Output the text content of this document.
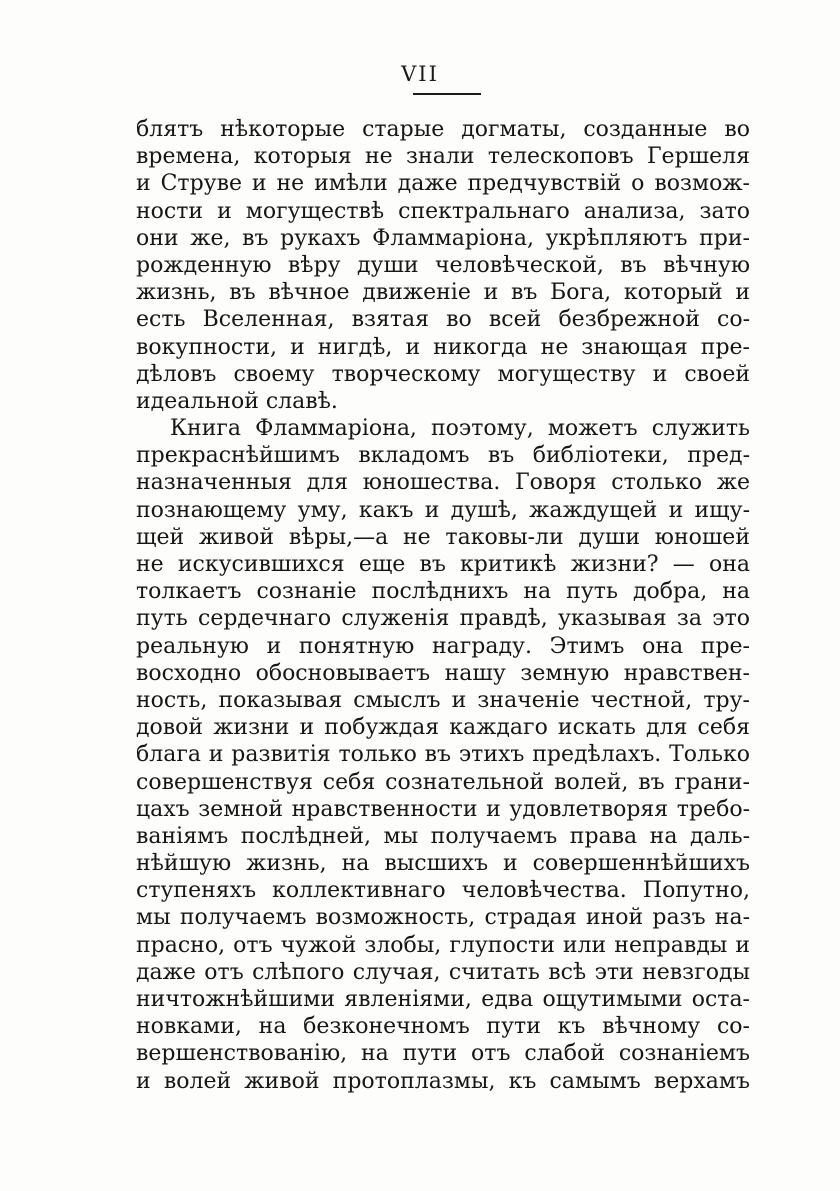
VII
блятъ нѣкоторые старые догматы, созданные во
времена, которыя не знали телескоповъ Гершеля
и Струве и не имѣли даже предчувствій о возмож-
ности и могуществѣ спектральнаго анализа, зато
они же, въ рукахъ Фламмаріона, укрѣпляютъ при-
рожденную вѣру души человѣческой, въ вѣчную
жизнь, въ вѣчное движеніе и въ Бога, который и
есть Вселенная, взятая во всей безбрежной со-
вокупности, и нигдѣ, и никогда не знающая пре-
дѣловъ своему творческому могуществу и своей
идеальной славѣ.
Книга Фламмаріона, поэтому, можетъ служить
прекраснѣйшимъ вкладомъ въ библіотеки, пред-
назначенныя для юношества. Говоря столько же
познающему уму, какъ и душѣ, жаждущей и ищу-
щей живой вѣры,—а не таковы-ли души юношей
не искусившихся еще въ критикѣ жизни? — она
толкаетъ сознаніе послѣднихъ на путь добра, на
путь сердечнаго служенія правдѣ, указывая за это
реальную и понятную награду. Этимъ она пре-
восходно обосновываетъ нашу земную нравствен-
ность, показывая смыслъ и значеніе честной, тру-
довой жизни и побуждая каждаго искать для себя
блага и развитія только въ этихъ предѣлахъ. Только
совершенствуя себя сознательной волей, въ грани-
цахъ земной нравственности и удовлетворяя требо-
ваніямъ послѣдней, мы получаемъ права на даль-
нѣйшую жизнь, на высшихъ и совершеннѣйшихъ
ступеняхъ коллективнаго человѣчества. Попутно,
мы получаемъ возможность, страдая иной разъ на-
прасно, отъ чужой злобы, глупости или неправды и
даже отъ слѣпого случая, считать всѣ эти невзгоды
ничтожнѣйшими явленіями, едва ощутимыми оста-
новками, на безконечномъ пути къ вѣчному со-
вершенствованію, на пути отъ слабой сознаніемъ
и волей живой протоплазмы, къ самымъ верхамъ
